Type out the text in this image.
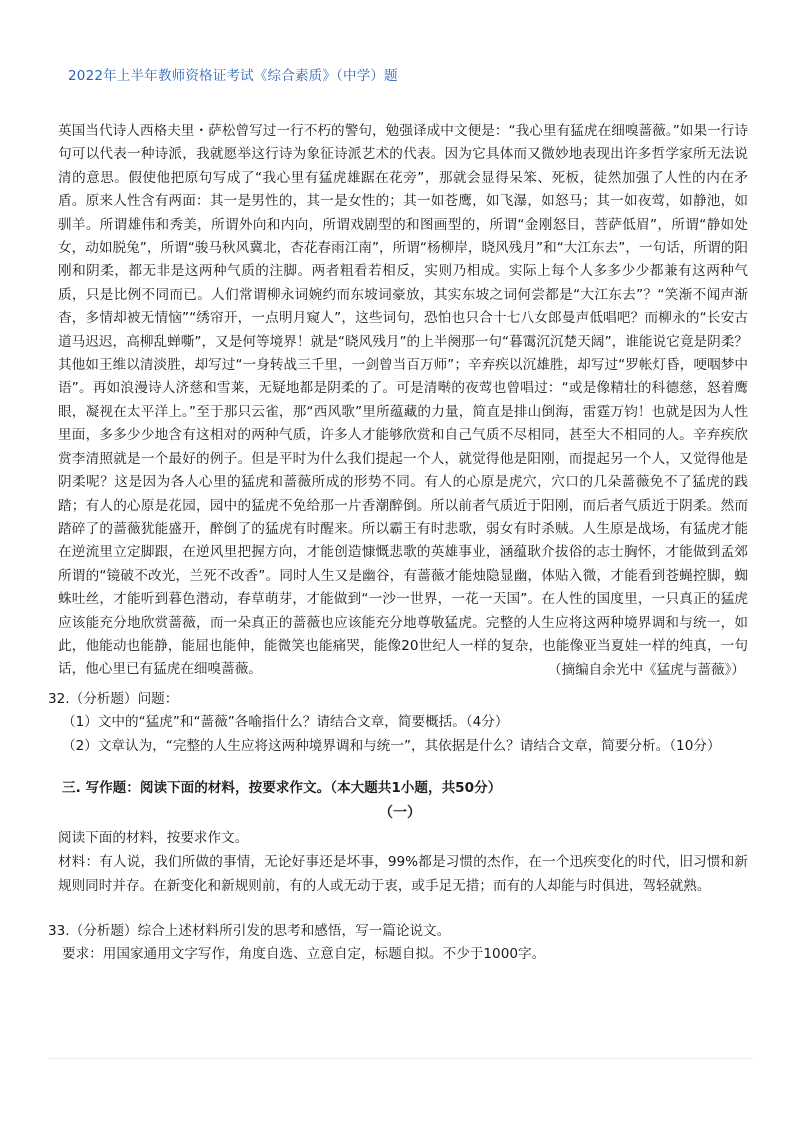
2022年上半年教师资格证考试《综合素质》（中学）题
英国当代诗人西格夫里・萨松曾写过一行不朽的警句，勉强译成中文便是：“我心里有猛虎在细嗅蔷薇。”如果一行诗句可以代表一种诗派，我就愿举这行诗为象征诗派艺术的代表。因为它具体而又微妙地表现出许多哲学家所无法说清的意思。假使他把原句写成了“我心里有猛虎雄踞在花旁”，那就会显得呆笨、死板，徒然加强了人性的内在矛盾。原来人性含有两面：其一是男性的，其一是女性的；其一如苍鹰，如飞瀑，如怒马；其一如夜莺，如静池，如驯羊。所谓雄伟和秀美，所谓外向和内向，所谓戏剧型的和图画型的，所谓“金刚怒目，菩萨低眉”，所谓“静如处女，动如脱兔”，所谓“骏马秋风冀北，杏花春雨江南”，所谓“杨柳岸，晓风残月”和“大江东去”，一句话，所谓的阳刚和阴柔，都无非是这两种气质的注脚。两者粗看若相反，实则乃相成。实际上每个人多多少少都兼有这两种气质，只是比例不同而已。人们常谓柳永词婉约而东坡词豪放，其实东坡之词何尝都是“大江东去”？“笑渐不闻声渐杳，多情却被无情恼”“绣帘开，一点明月窥人”，这些词句，恐怕也只合十七八女郎曼声低唱吧？而柳永的“长安古道马迟迟，高柳乱蝉嘶”，又是何等境界！就是“晓风残月”的上半阕那一句“暮霭沉沉楚天阔”，谁能说它竟是阴柔？其他如王维以清淡胜，却写过“一身转战三千里，一剑曾当百万师”；辛弃疾以沉雄胜，却写过“罗帐灯昏，哽咽梦中语”。再如浪漫诗人济慈和雪莱，无疑地都是阴柔的了。可是清啭的夜莺也曾唱过：“或是像精壮的科德慈，怒着鹰眼，凝视在太平洋上。”至于那只云雀，那“西风歌”里所蕴藏的力量，简直是排山倒海，雷霆万钧！也就是因为人性里面，多多少少地含有这相对的两种气质，许多人才能够欣赏和自己气质不尽相同，甚至大不相同的人。辛弃疾欣赏李清照就是一个最好的例子。但是平时为什么我们提起一个人，就觉得他是阳刚，而提起另一个人，又觉得他是阴柔呢？这是因为各人心里的猛虎和蔷薇所成的形势不同。有人的心原是虎穴，穴口的几朵蔷薇免不了猛虎的践踏；有人的心原是花园，园中的猛虎不免给那一片香潮醉倒。所以前者气质近于阳刚，而后者气质近于阴柔。然而踏碎了的蔷薇犹能盛开，醉倒了的猛虎有时醒来。所以霸王有时悲歌，弱女有时杀贼。人生原是战场，有猛虎才能在逆流里立定脚跟，在逆风里把握方向，才能创造慷慨悲歌的英雄事业，涵蕴耿介拔俗的志士胸怀，才能做到孟郊所谓的“镜破不改光，兰死不改香”。同时人生又是幽谷，有蔷薇才能烛隐显幽，体贴入微，才能看到苍蝇控脚，蜘蛛吐丝，才能听到暮色潜动，春草萌芽，才能做到“一沙一世界，一花一天国”。在人性的国度里，一只真正的猛虎应该能充分地欣赏蔷薇，而一朵真正的蔷薇也应该能充分地尊敬猛虎。完整的人生应将这两种境界调和与统一，如此，他能动也能静，能屈也能伸，能微笑也能痛哭，能像20世纪人一样的复杂，也能像亚当夏娃一样的纯真，一句话，他心里已有猛虎在细嗅蔷薇。	（摘编自余光中《猛虎与蔷薇》）
32.（分析题）问题：
（1）文中的“猛虎”和“蔷薇”各喻指什么？请结合文章，简要概括。（4分）
（2）文章认为，“完整的人生应将这两种境界调和与统一”，其依据是什么？请结合文章，简要分析。（10分）
三. 写作题：阅读下面的材料，按要求作文。（本大题共1小题，共50分）
（一）
阅读下面的材料，按要求作文。
材料：有人说，我们所做的事情，无论好事还是坏事，99%都是习惯的杰作，在一个迅疾变化的时代，旧习惯和新规则同时并存。在新变化和新规则前，有的人或无动于衷，或手足无措；而有的人却能与时俱进，驾轻就熟。
33.（分析题）综合上述材料所引发的思考和感悟，写一篇论说文。
要求：用国家通用文字写作，角度自选、立意自定，标题自拟。不少于1000字。
